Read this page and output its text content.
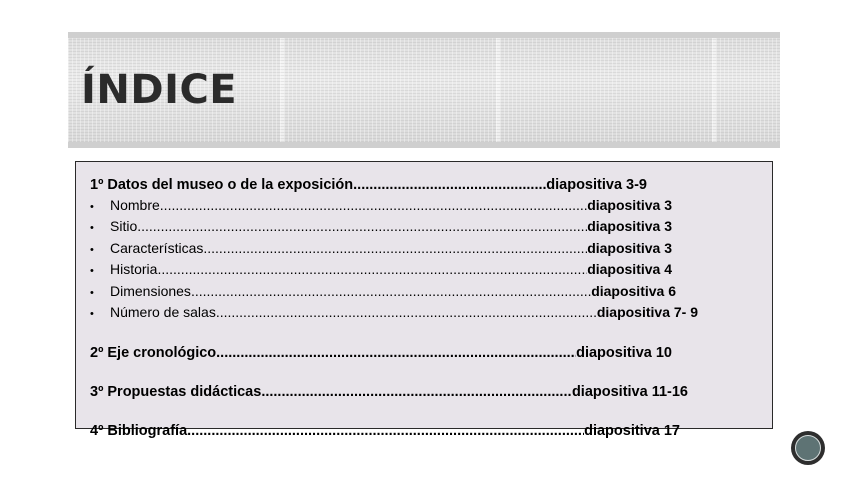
ÍNDICE
1º Datos del museo o de la exposición .....	diapositiva 3-9
•	Nombre .....	diapositiva 3
•	Sitio .....	diapositiva 3
•	Características .....	diapositiva 3
•	Historia .....	diapositiva 4
•	Dimensiones .....	diapositiva 6
•	Número de salas .....	diapositiva 7- 9
2º Eje cronológico .....	diapositiva 10
3º Propuestas didácticas .....	diapositiva 11-16
4º Bibliografía .....	diapositiva 17
